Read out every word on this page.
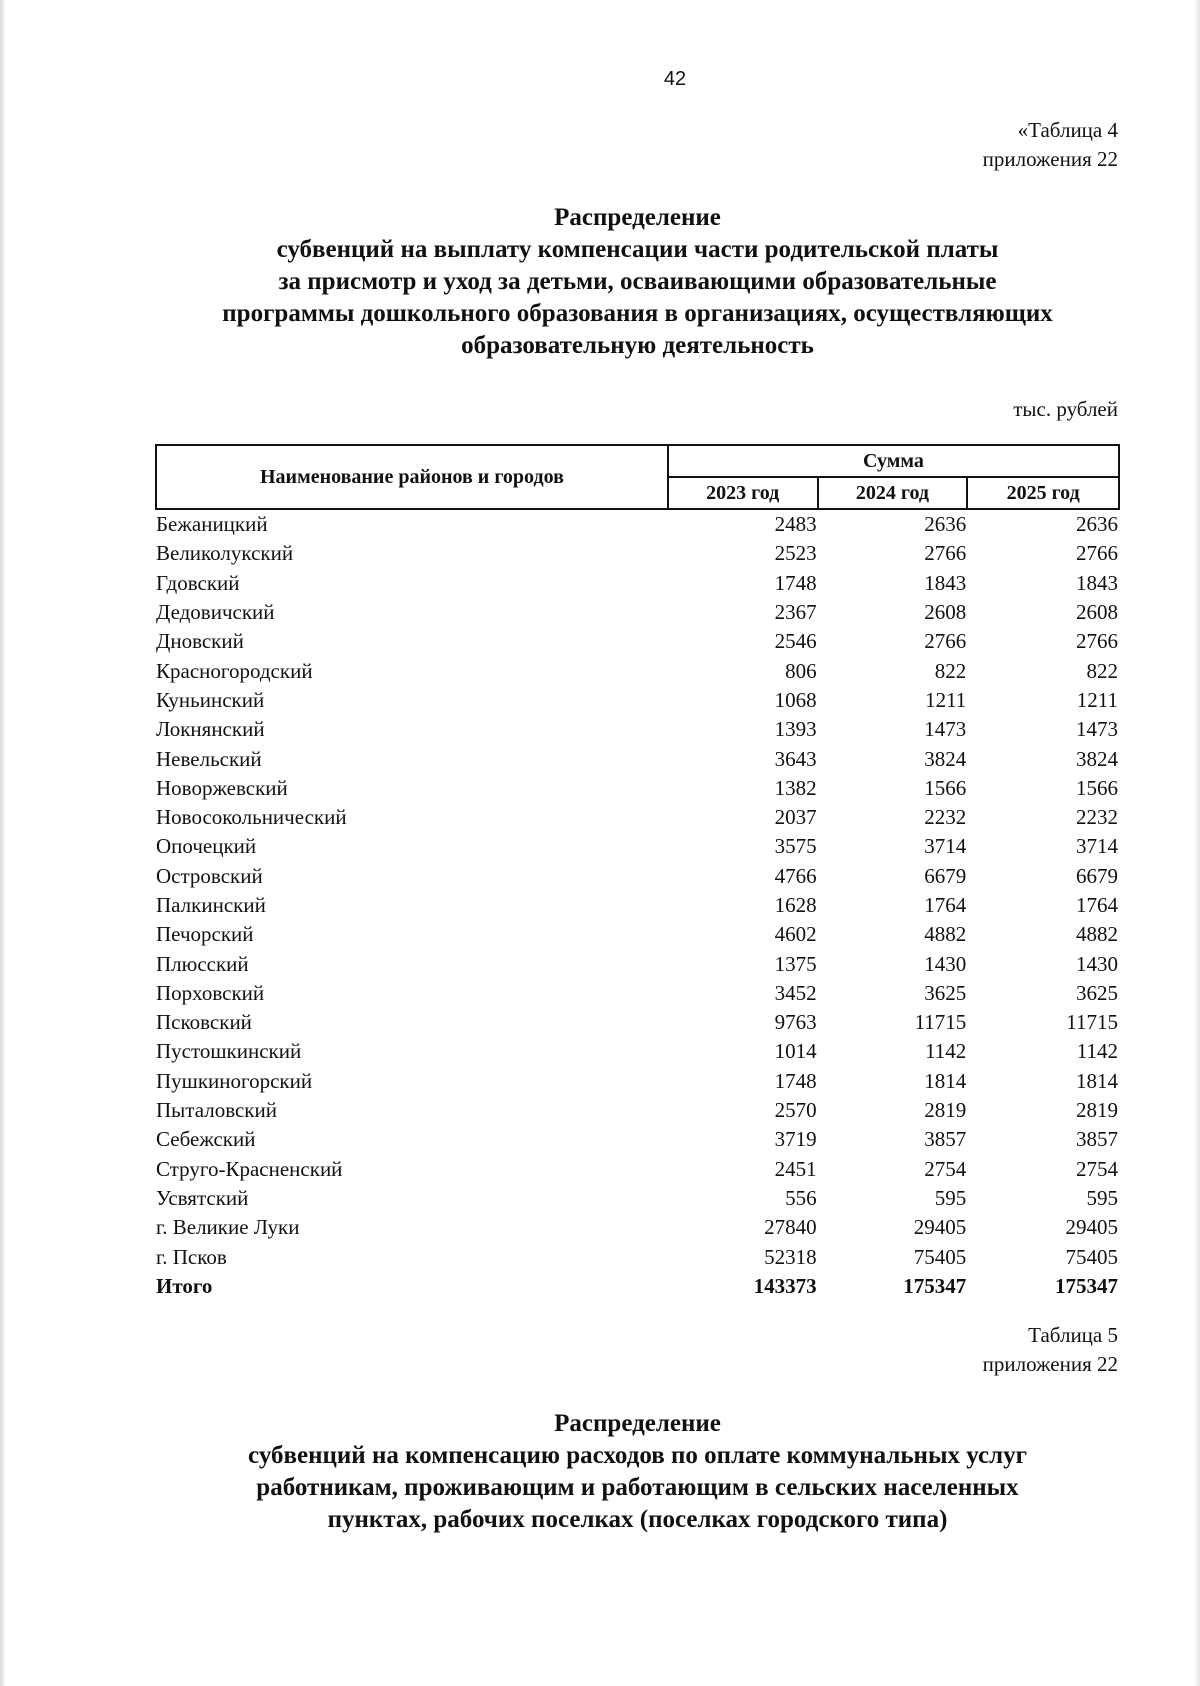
42
«Таблица 4
приложения 22
Распределение
субвенций на выплату компенсации части родительской платы
за присмотр и уход за детьми, осваивающими образовательные
программы дошкольного образования в организациях, осуществляющих
образовательную деятельность
тыс. рублей
Наименование районов и городов	Сумма		
	2023 год	2024 год	2025 год
Бежаницкий	2483	2636	2636
Великолукский	2523	2766	2766
Гдовский	1748	1843	1843
Дедовичский	2367	2608	2608
Дновский	2546	2766	2766
Красногородский	806	822	822
Куньинский	1068	1211	1211
Локнянский	1393	1473	1473
Невельский	3643	3824	3824
Новоржевский	1382	1566	1566
Новосокольнический	2037	2232	2232
Опочецкий	3575	3714	3714
Островский	4766	6679	6679
Палкинский	1628	1764	1764
Печорский	4602	4882	4882
Плюсский	1375	1430	1430
Порховский	3452	3625	3625
Псковский	9763	11715	11715
Пустошкинский	1014	1142	1142
Пушкиногорский	1748	1814	1814
Пыталовский	2570	2819	2819
Себежский	3719	3857	3857
Струго-Красненский	2451	2754	2754
Усвятский	556	595	595
г. Великие Луки	27840	29405	29405
г. Псков	52318	75405	75405
Итого	143373	175347	175347
Таблица 5
приложения 22
Распределение
субвенций на компенсацию расходов по оплате коммунальных услуг
работникам, проживающим и работающим в сельских населенных
пунктах, рабочих поселках (поселках городского типа)
